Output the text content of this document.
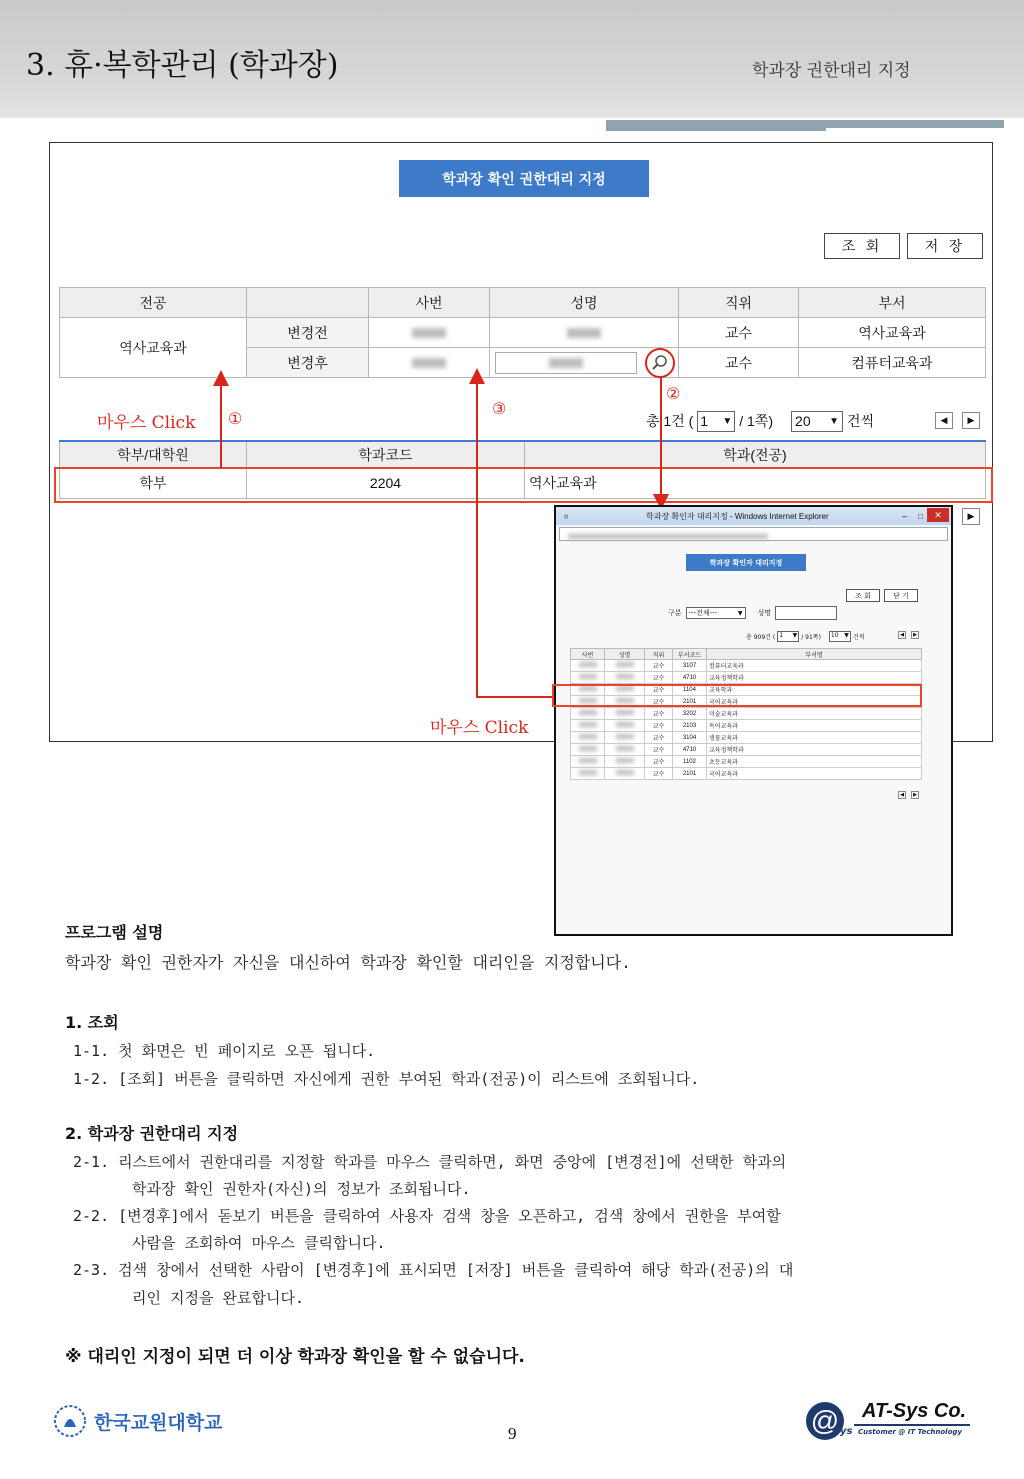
3. 휴·복학관리 (학과장)	학과장 권한대리 지정
학과장 확인 권한대리 지정
조 회	저 장
전공		사번	성명	직위	부서
역사교육과	변경전			교수	역사교육과
	변경후			교수	컴퓨터교육과
마우스 Click ①
②
③
총 1건 ( 1 ▼ / 1쪽) 20 ▼ 건씩	◀ ▶
학부/대학원	학과코드	학과(전공)
학부	2204	역사교육과
▶
마우스 Click
e	학과장 확인자 대리지정 - Windows Internet Explorer	– □	✕
학과장 확인자 대리지정
조 회	닫 기
구분 ---전체---	▼ 성명
총 909건 ( 1 ▼ / 91쪽) 10 ▼ 건씩	◀ ▶
사번	성명	직위	부서코드	부서명
		교수	3107	컴퓨터교육과
		교수	4710	교육정책학과
		교수	1104	교육학과
		교수	2101	국어교육과
		교수	3202	미술교육과
		교수	2103	독어교육과
		교수	3104	생물교육과
		교수	4710	교육정책학과
		교수	1102	초등교육과
		교수	2101	국어교육과
◀ ▶
프로그램 설명
학과장 확인 권한자가 자신을 대신하여 학과장 확인할 대리인을 지정합니다.
1. 조회
1-1. 첫 화면은 빈 페이지로 오픈 됩니다.
1-2. [조회] 버튼을 클릭하면 자신에게 권한 부여된 학과(전공)이 리스트에 조회됩니다.
2. 학과장 권한대리 지정
2-1. 리스트에서 권한대리를 지정할 학과를 마우스 클릭하면, 화면 중앙에 [변경전]에 선택한 학과의
학과장 확인 권한자(자신)의 정보가 조회됩니다.
2-2. [변경후]에서 돋보기 버튼을 클릭하여 사용자 검색 창을 오픈하고, 검색 창에서 권한을 부여할
사람을 조회하여 마우스 클릭합니다.
2-3. 검색 창에서 선택한 사람이 [변경후]에 표시되면 [저장] 버튼을 클릭하여 해당 학과(전공)의 대
리인 지정을 완료합니다.
※ 대리인 지정이 되면 더 이상 학과장 확인을 할 수 없습니다.
한국교원대학교	9	@
sys
AT-Sys Co.
Customer @ IT Technology
